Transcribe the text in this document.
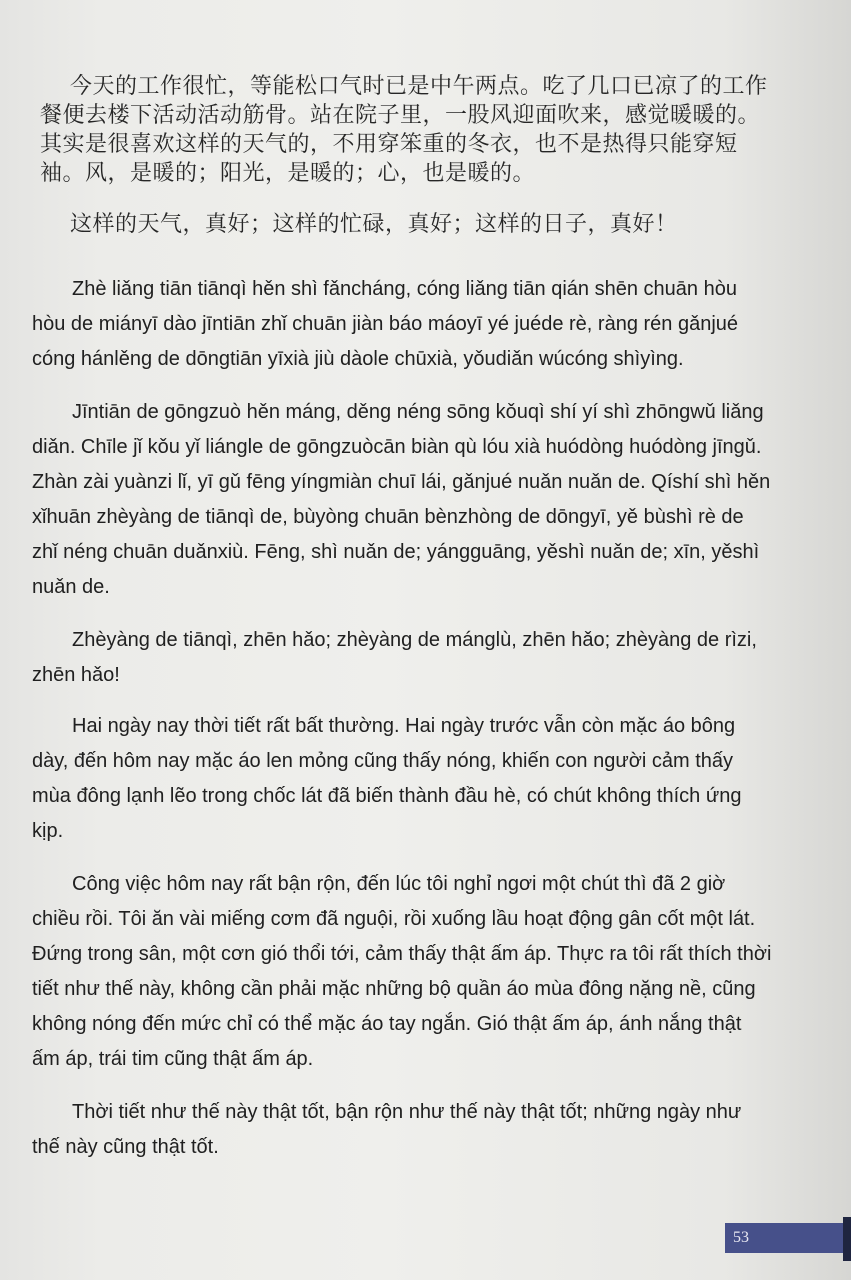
今天的工作很忙，等能松口气时已是中午两点。吃了几口已凉了的工作餐便去楼下活动活动筋骨。站在院子里，一股风迎面吹来，感觉暖暖的。其实是很喜欢这样的天气的，不用穿笨重的冬衣，也不是热得只能穿短袖。风，是暖的；阳光，是暖的；心，也是暖的。

这样的天气，真好；这样的忙碌，真好；这样的日子，真好！

Zhè liǎng tiān tiānqì hěn shì fǎncháng, cóng liǎng tiān qián shēn chuān hòu hòu de miányī dào jīntiān zhǐ chuān jiàn báo máoyī yé juéde rè, ràng rén gǎnjué cóng hánlěng de dōngtiān yīxià jiù dàole chūxià, yǒudiǎn wúcóng shìyìng.

Jīntiān de gōngzuò hěn máng, děng néng sōng kǒuqì shí yí shì zhōngwǔ liǎng diǎn. Chīle jǐ kǒu yǐ liángle de gōngzuòcān biàn qù lóu xià huódòng huódòng jīngǔ. Zhàn zài yuànzi lǐ, yī gǔ fēng yíngmiàn chuī lái, gǎnjué nuǎn nuǎn de. Qíshí shì hěn xǐhuān zhèyàng de tiānqì de, bùyòng chuān bènzhòng de dōngyī, yě bùshì rè de zhǐ néng chuān duǎnxiù. Fēng, shì nuǎn de; yángguāng, yěshì nuǎn de; xīn, yěshì nuǎn de.

Zhèyàng de tiānqì, zhēn hǎo; zhèyàng de mánglù, zhēn hǎo; zhèyàng de rìzi, zhēn hǎo!

Hai ngày nay thời tiết rất bất thường. Hai ngày trước vẫn còn mặc áo bông dày, đến hôm nay mặc áo len mỏng cũng thấy nóng, khiến con người cảm thấy mùa đông lạnh lẽo trong chốc lát đã biến thành đầu hè, có chút không thích ứng kịp.

Công việc hôm nay rất bận rộn, đến lúc tôi nghỉ ngơi một chút thì đã 2 giờ chiều rồi. Tôi ăn vài miếng cơm đã nguội, rồi xuống lầu hoạt động gân cốt một lát. Đứng trong sân, một cơn gió thổi tới, cảm thấy thật ấm áp. Thực ra tôi rất thích thời tiết như thế này, không cần phải mặc những bộ quần áo mùa đông nặng nề, cũng không nóng đến mức chỉ có thể mặc áo tay ngắn. Gió thật ấm áp, ánh nắng thật ấm áp, trái tim cũng thật ấm áp.

Thời tiết như thế này thật tốt, bận rộn như thế này thật tốt; những ngày như thế này cũng thật tốt.

53
